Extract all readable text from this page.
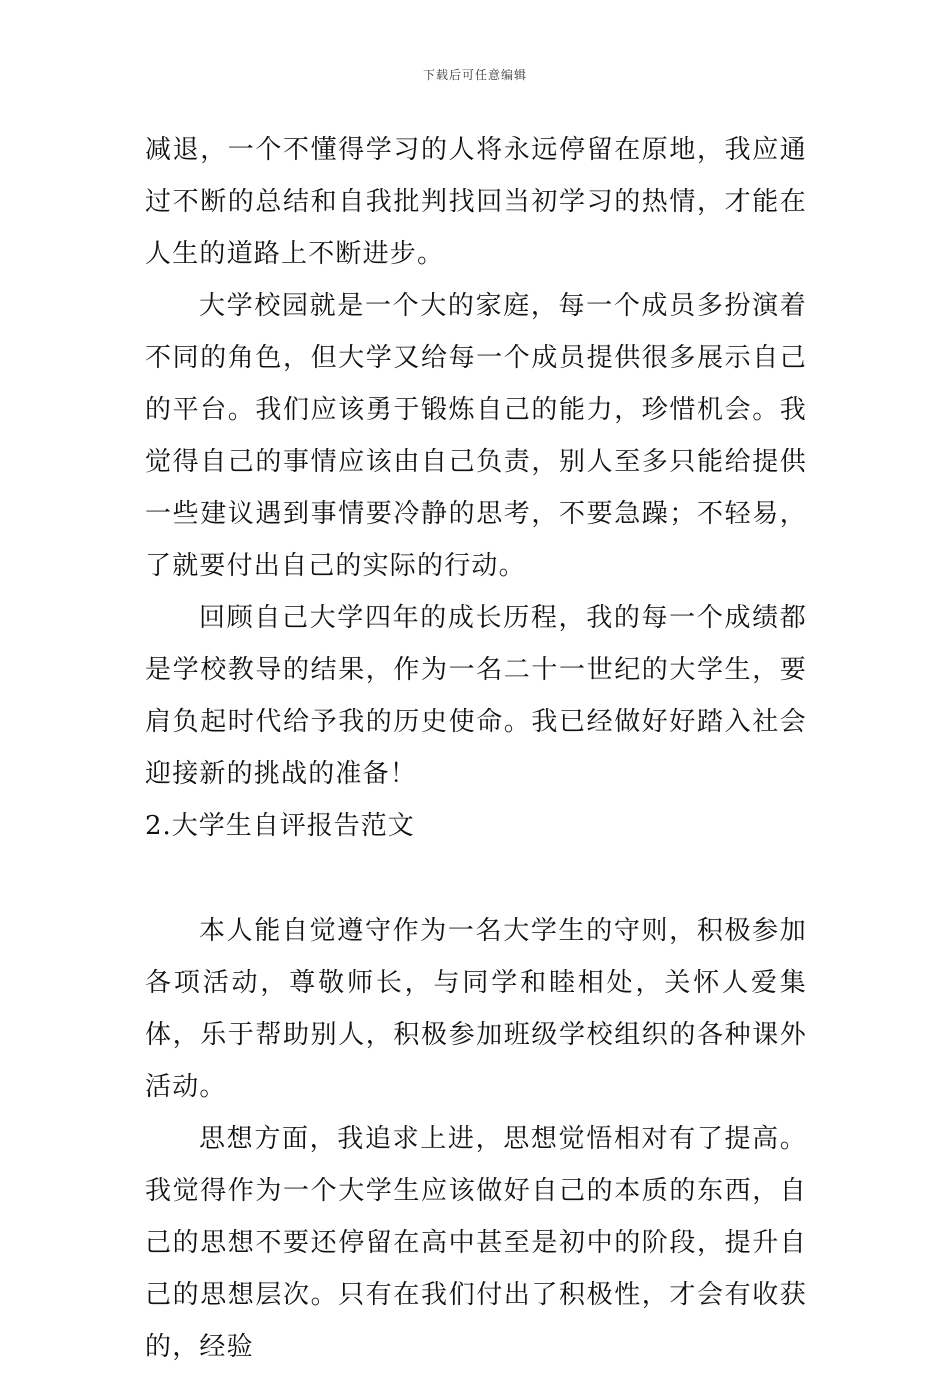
下载后可任意编辑

减退，一个不懂得学习的人将永远停留在原地，我应通过不断的总结和自我批判找回当初学习的热情，才能在人生的道路上不断进步。

大学校园就是一个大的家庭，每一个成员多扮演着不同的角色，但大学又给每一个成员提供很多展示自己的平台。我们应该勇于锻炼自己的能力，珍惜机会。我觉得自己的事情应该由自己负责，别人至多只能给提供一些建议遇到事情要冷静的思考，不要急躁；不轻易，了就要付出自己的实际的行动。

回顾自己大学四年的成长历程，我的每一个成绩都是学校教导的结果，作为一名二十一世纪的大学生，要肩负起时代给予我的历史使命。我已经做好好踏入社会迎接新的挑战的准备！

2.大学生自评报告范文

本人能自觉遵守作为一名大学生的守则，积极参加各项活动，尊敬师长，与同学和睦相处，关怀人爱集体，乐于帮助别人，积极参加班级学校组织的各种课外活动。

思想方面，我追求上进，思想觉悟相对有了提高。我觉得作为一个大学生应该做好自己的本质的东西，自己的思想不要还停留在高中甚至是初中的阶段，提升自己的思想层次。只有在我们付出了积极性，才会有收获的，经验
